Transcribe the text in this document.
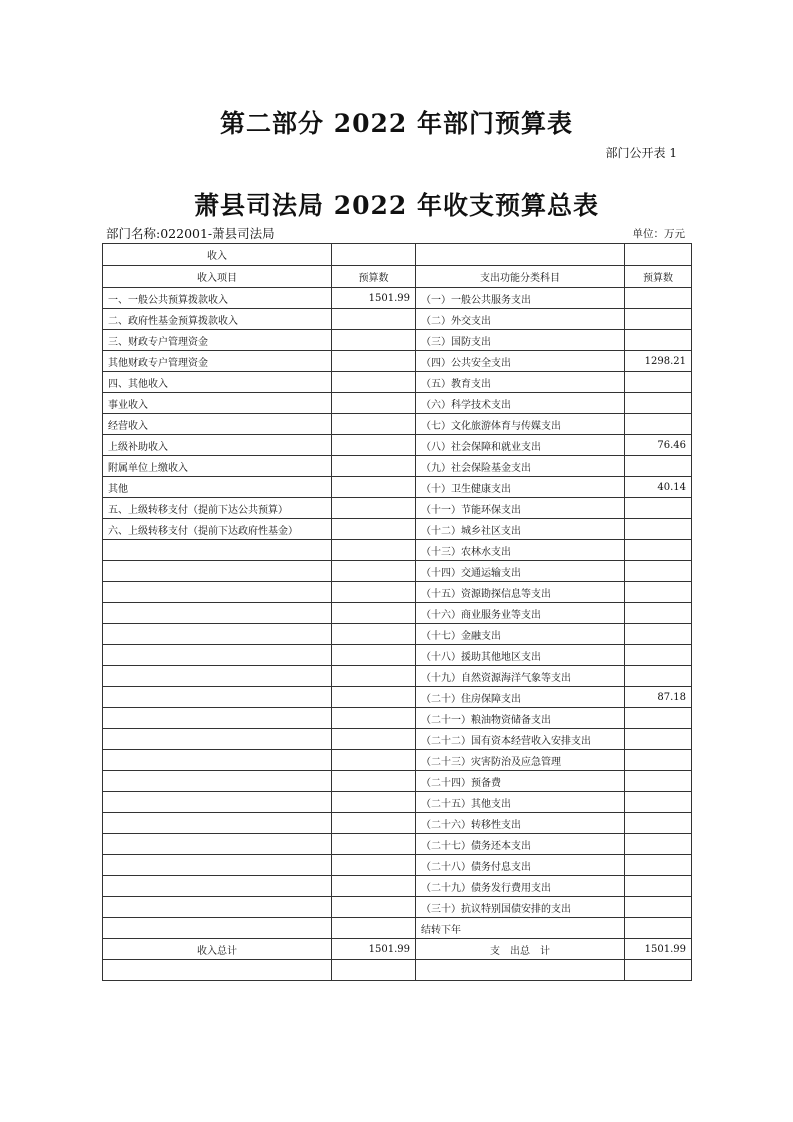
第二部分 2022 年部门预算表
部门公开表 1
萧县司法局 2022 年收支预算总表
部门名称:022001-萧县司法局	单位：万元
收入			
收入项目	预算数	支出功能分类科目	预算数
一、一般公共预算拨款收入	1501.99	（一）一般公共服务支出	
二、政府性基金预算拨款收入		（二）外交支出	
三、财政专户管理资金		（三）国防支出	
其他财政专户管理资金		（四）公共安全支出	1298.21
四、其他收入		（五）教育支出	
事业收入		（六）科学技术支出	
经营收入		（七）文化旅游体育与传媒支出	
上级补助收入		（八）社会保障和就业支出	76.46
附属单位上缴收入		（九）社会保险基金支出	
其他		（十）卫生健康支出	40.14
五、上级转移支付（提前下达公共预算）		（十一）节能环保支出	
六、上级转移支付（提前下达政府性基金）		（十二）城乡社区支出	
		（十三）农林水支出	
		（十四）交通运输支出	
		（十五）资源勘探信息等支出	
		（十六）商业服务业等支出	
		（十七）金融支出	
		（十八）援助其他地区支出	
		（十九）自然资源海洋气象等支出	
		（二十）住房保障支出	87.18
		（二十一）粮油物资储备支出	
		（二十二）国有资本经营收入安排支出	
		（二十三）灾害防治及应急管理	
		（二十四）预备费	
		（二十五）其他支出	
		（二十六）转移性支出	
		（二十七）债务还本支出	
		（二十八）债务付息支出	
		（二十九）债务发行费用支出	
		（三十）抗议特别国债安排的支出	
		结转下年	
收入总计	1501.99	支　出总　计	1501.99
